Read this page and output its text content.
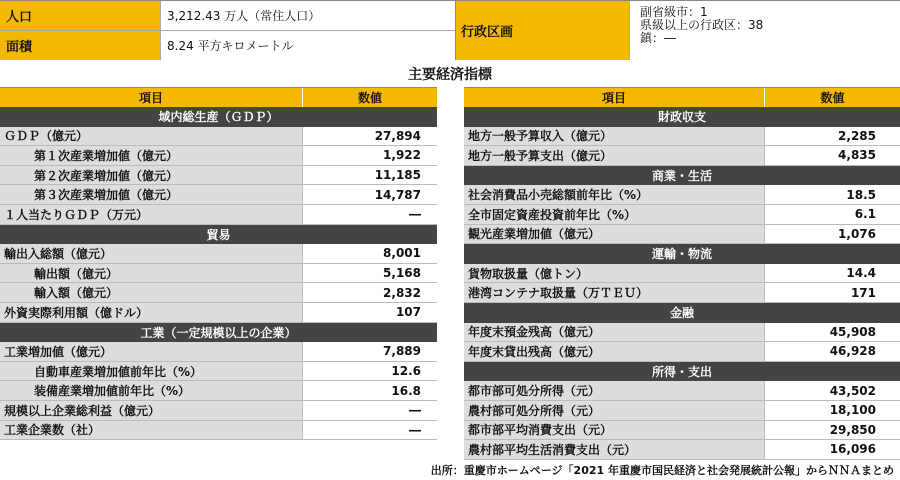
人口	3,212.43 万人（常住人口）
面積	8.24 平方キロメートル
行政区画
副省級市：1
県級以上の行政区：38
鎮：―
主要経済指標
項目	数値
域内総生産（ＧＤＰ）
ＧＤＰ（億元）	27,894
第１次産業増加値（億元）	1,922
第２次産業増加値（億元）	11,185
第３次産業増加値（億元）	14,787
１人当たりＧＤＰ（万元）	―
貿易
輸出入総額（億元）	8,001
輸出額（億元）	5,168
輸入額（億元）	2,832
外資実際利用額（億ドル）	107
工業（一定規模以上の企業）
工業増加値（億元）	7,889
自動車産業増加値前年比（%）	12.6
装備産業増加値前年比（%）	16.8
規模以上企業総利益（億元）	―
工業企業数（社）	―
項目	数値
財政収支
地方一般予算収入（億元）	2,285
地方一般予算支出（億元）	4,835
商業・生活
社会消費品小売総額前年比（%）	18.5
全市固定資産投資前年比（%）	6.1
観光産業増加値（億元）	1,076
運輸・物流
貨物取扱量（億トン）	14.4
港湾コンテナ取扱量（万ＴＥＵ）	171
金融
年度末預金残高（億元）	45,908
年度末貸出残高（億元）	46,928
所得・支出
都市部可処分所得（元）	43,502
農村部可処分所得（元）	18,100
都市部平均消費支出（元）	29,850
農村部平均生活消費支出（元）	16,096
出所：重慶市ホームページ「2021 年重慶市国民経済と社会発展統計公報」からＮＮＡまとめ
